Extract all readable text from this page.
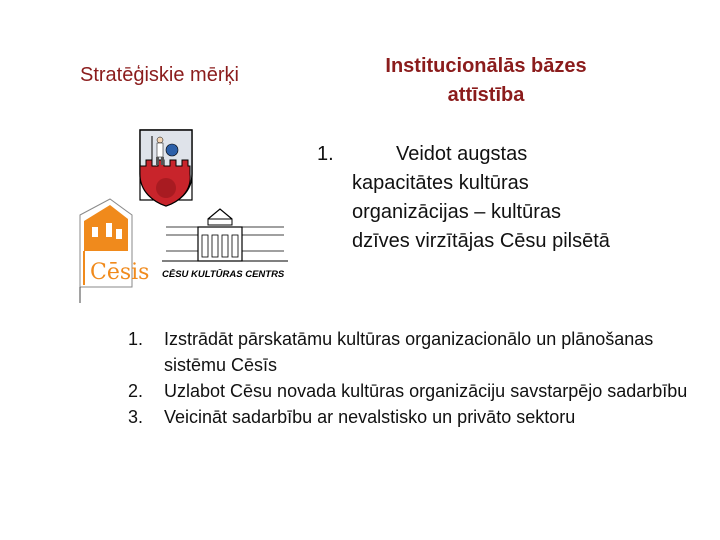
Stratēģiskie mērķi	Institucionālās bāzes attīstība
Cēsis CĒSU KULTŪRAS CENTRS
1.	Veidot augstas kapacitātes kultūras organizācijas – kultūras dzīves virzītājas Cēsu pilsētā
1. Izstrādāt pārskatāmu kultūras organizacionālo un plānošanas sistēmu Cēsīs
2. Uzlabot Cēsu novada kultūras organizāciju savstarpējo sadarbību
3. Veicināt sadarbību ar nevalstisko un privāto sektoru
